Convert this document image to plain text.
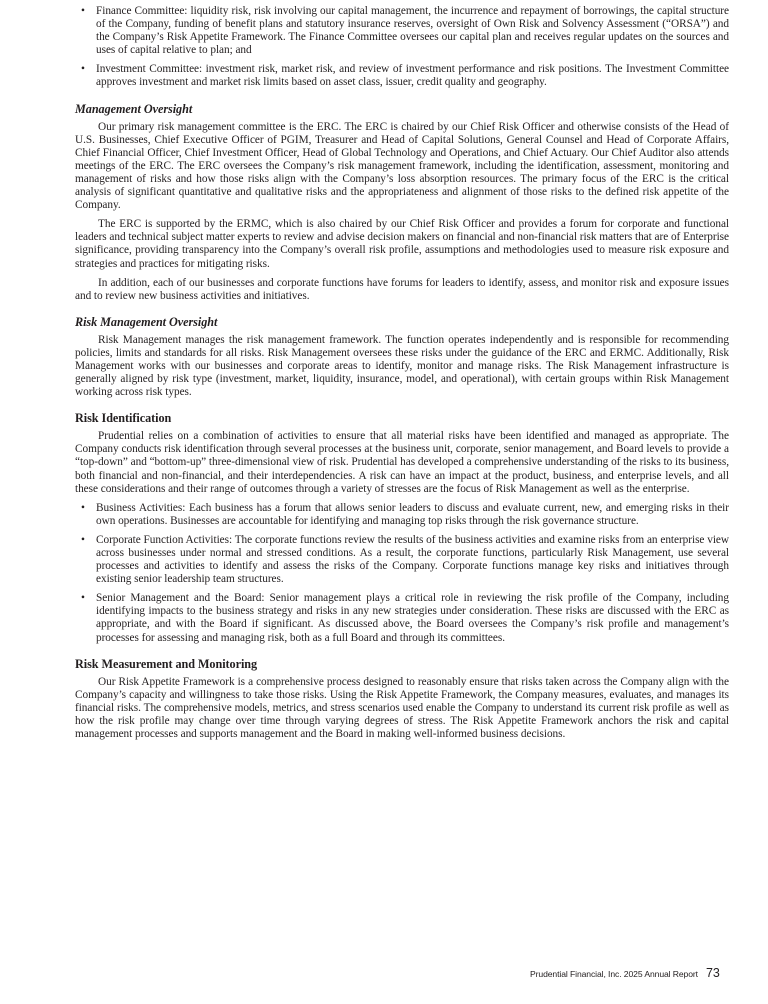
• Finance Committee: liquidity risk, risk involving our capital management, the incurrence and repayment of borrowings, the capital structure of the Company, funding of benefit plans and statutory insurance reserves, oversight of Own Risk and Solvency Assessment (“ORSA”) and the Company’s Risk Appetite Framework. The Finance Committee oversees our capital plan and receives regular updates on the sources and uses of capital relative to plan; and
• Investment Committee: investment risk, market risk, and review of investment performance and risk positions. The Investment Committee approves investment and market risk limits based on asset class, issuer, credit quality and geography.
Management Oversight

Our primary risk management committee is the ERC. The ERC is chaired by our Chief Risk Officer and otherwise consists of the Head of U.S. Businesses, Chief Executive Officer of PGIM, Treasurer and Head of Capital Solutions, General Counsel and Head of Corporate Affairs, Chief Financial Officer, Chief Investment Officer, Head of Global Technology and Operations, and Chief Actuary. Our Chief Auditor also attends meetings of the ERC. The ERC oversees the Company’s risk management framework, including the identification, assessment, monitoring and management of risks and how those risks align with the Company’s loss absorption resources. The primary focus of the ERC is the critical analysis of significant quantitative and qualitative risks and the appropriateness and alignment of those risks to the defined risk appetite of the Company.

The ERC is supported by the ERMC, which is also chaired by our Chief Risk Officer and provides a forum for corporate and functional leaders and technical subject matter experts to review and advise decision makers on financial and non-financial risk matters that are of Enterprise significance, providing transparency into the Company’s overall risk profile, assumptions and methodologies used to measure risk exposure and strategies and practices for mitigating risks.

In addition, each of our businesses and corporate functions have forums for leaders to identify, assess, and monitor risk and exposure issues and to review new business activities and initiatives.

Risk Management Oversight

Risk Management manages the risk management framework. The function operates independently and is responsible for recommending policies, limits and standards for all risks. Risk Management oversees these risks under the guidance of the ERC and ERMC. Additionally, Risk Management works with our businesses and corporate areas to identify, monitor and manage risks. The Risk Management infrastructure is generally aligned by risk type (investment, market, liquidity, insurance, model, and operational), with certain groups within Risk Management working across risk types.

Risk Identification

Prudential relies on a combination of activities to ensure that all material risks have been identified and managed as appropriate. The Company conducts risk identification through several processes at the business unit, corporate, senior management, and Board levels to provide a “top-down” and “bottom-up” three-dimensional view of risk. Prudential has developed a comprehensive understanding of the risks to its business, both financial and non-financial, and their interdependencies. A risk can have an impact at the product, business, and enterprise levels, and all these considerations and their range of outcomes through a variety of stresses are the focus of Risk Management as well as the enterprise.

• Business Activities: Each business has a forum that allows senior leaders to discuss and evaluate current, new, and emerging risks in their own operations. Businesses are accountable for identifying and managing top risks through the risk governance structure.
• Corporate Function Activities: The corporate functions review the results of the business activities and examine risks from an enterprise view across businesses under normal and stressed conditions. As a result, the corporate functions, particularly Risk Management, use several processes and activities to identify and assess the risks of the Company. Corporate functions manage key risks and initiatives through existing senior leadership team structures.
• Senior Management and the Board: Senior management plays a critical role in reviewing the risk profile of the Company, including identifying impacts to the business strategy and risks in any new strategies under consideration. These risks are discussed with the ERC as appropriate, and with the Board if significant. As discussed above, the Board oversees the Company’s risk profile and management’s processes for assessing and managing risk, both as a full Board and through its committees.
Risk Measurement and Monitoring

Our Risk Appetite Framework is a comprehensive process designed to reasonably ensure that risks taken across the Company align with the Company’s capacity and willingness to take those risks. Using the Risk Appetite Framework, the Company measures, evaluates, and manages its financial risks. The comprehensive models, metrics, and stress scenarios used enable the Company to understand its current risk profile as well as how the risk profile may change over time through varying degrees of stress. The Risk Appetite Framework anchors the risk and capital management processes and supports management and the Board in making well-informed business decisions.

Prudential Financial, Inc. 2025 Annual Report 73
